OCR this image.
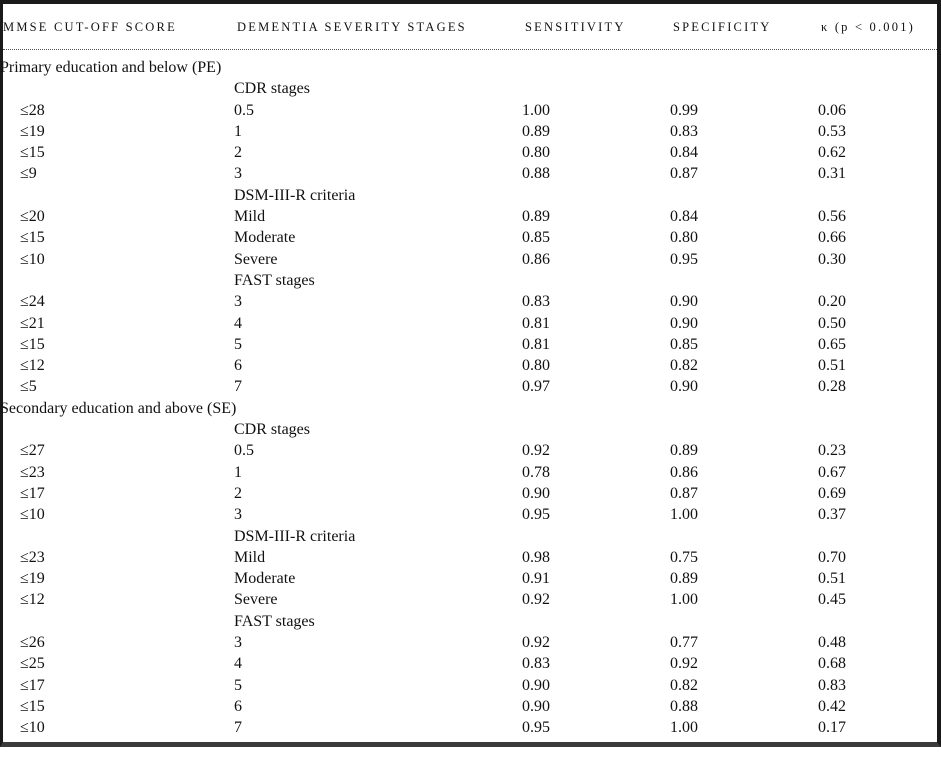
MMSE CUT-OFF SCORE	DEMENTIA SEVERITY STAGES	SENSITIVITY	SPECIFICITY	κ (p < 0.001)
Primary education and below (PE)
CDR stages
≤28	0.5	1.00	0.99	0.06
≤19	1	0.89	0.83	0.53
≤15	2	0.80	0.84	0.62
≤9	3	0.88	0.87	0.31
DSM-III-R criteria
≤20	Mild	0.89	0.84	0.56
≤15	Moderate	0.85	0.80	0.66
≤10	Severe	0.86	0.95	0.30
FAST stages
≤24	3	0.83	0.90	0.20
≤21	4	0.81	0.90	0.50
≤15	5	0.81	0.85	0.65
≤12	6	0.80	0.82	0.51
≤5	7	0.97	0.90	0.28
Secondary education and above (SE)
CDR stages
≤27	0.5	0.92	0.89	0.23
≤23	1	0.78	0.86	0.67
≤17	2	0.90	0.87	0.69
≤10	3	0.95	1.00	0.37
DSM-III-R criteria
≤23	Mild	0.98	0.75	0.70
≤19	Moderate	0.91	0.89	0.51
≤12	Severe	0.92	1.00	0.45
FAST stages
≤26	3	0.92	0.77	0.48
≤25	4	0.83	0.92	0.68
≤17	5	0.90	0.82	0.83
≤15	6	0.90	0.88	0.42
≤10	7	0.95	1.00	0.17
